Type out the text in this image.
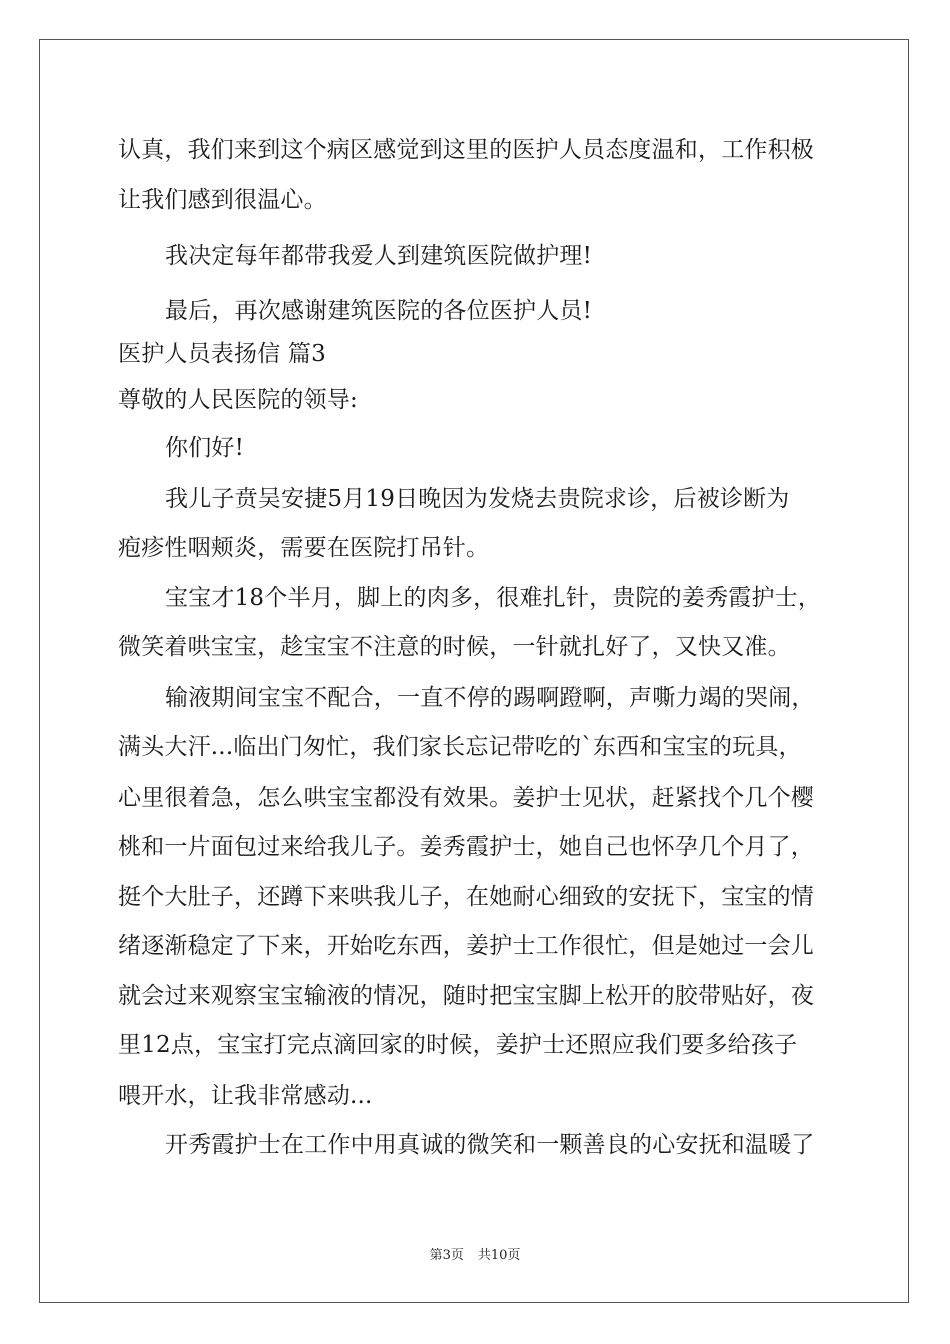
认真，我们来到这个病区感觉到这里的医护人员态度温和，工作积极
让我们感到很温心。
我决定每年都带我爱人到建筑医院做护理!
最后，再次感谢建筑医院的各位医护人员!
医护人员表扬信 篇3
尊敬的人民医院的领导:
你们好!
我儿子贲吴安捷5月19日晚因为发烧去贵院求诊，后被诊断为
疱疹性咽颊炎，需要在医院打吊针。
宝宝才18个半月，脚上的肉多，很难扎针，贵院的姜秀霞护士，
微笑着哄宝宝，趁宝宝不注意的时候，一针就扎好了，又快又准。
输液期间宝宝不配合，一直不停的踢啊蹬啊，声嘶力竭的哭闹，
满头大汗...临出门匆忙，我们家长忘记带吃的`东西和宝宝的玩具，
心里很着急，怎么哄宝宝都没有效果。姜护士见状，赶紧找个几个樱
桃和一片面包过来给我儿子。姜秀霞护士，她自己也怀孕几个月了，
挺个大肚子，还蹲下来哄我儿子，在她耐心细致的安抚下，宝宝的情
绪逐渐稳定了下来，开始吃东西，姜护士工作很忙，但是她过一会儿
就会过来观察宝宝输液的情况，随时把宝宝脚上松开的胶带贴好，夜
里12点，宝宝打完点滴回家的时候，姜护士还照应我们要多给孩子
喂开水，让我非常感动...
开秀霞护士在工作中用真诚的微笑和一颗善良的心安抚和温暖了
第3页 共10页
